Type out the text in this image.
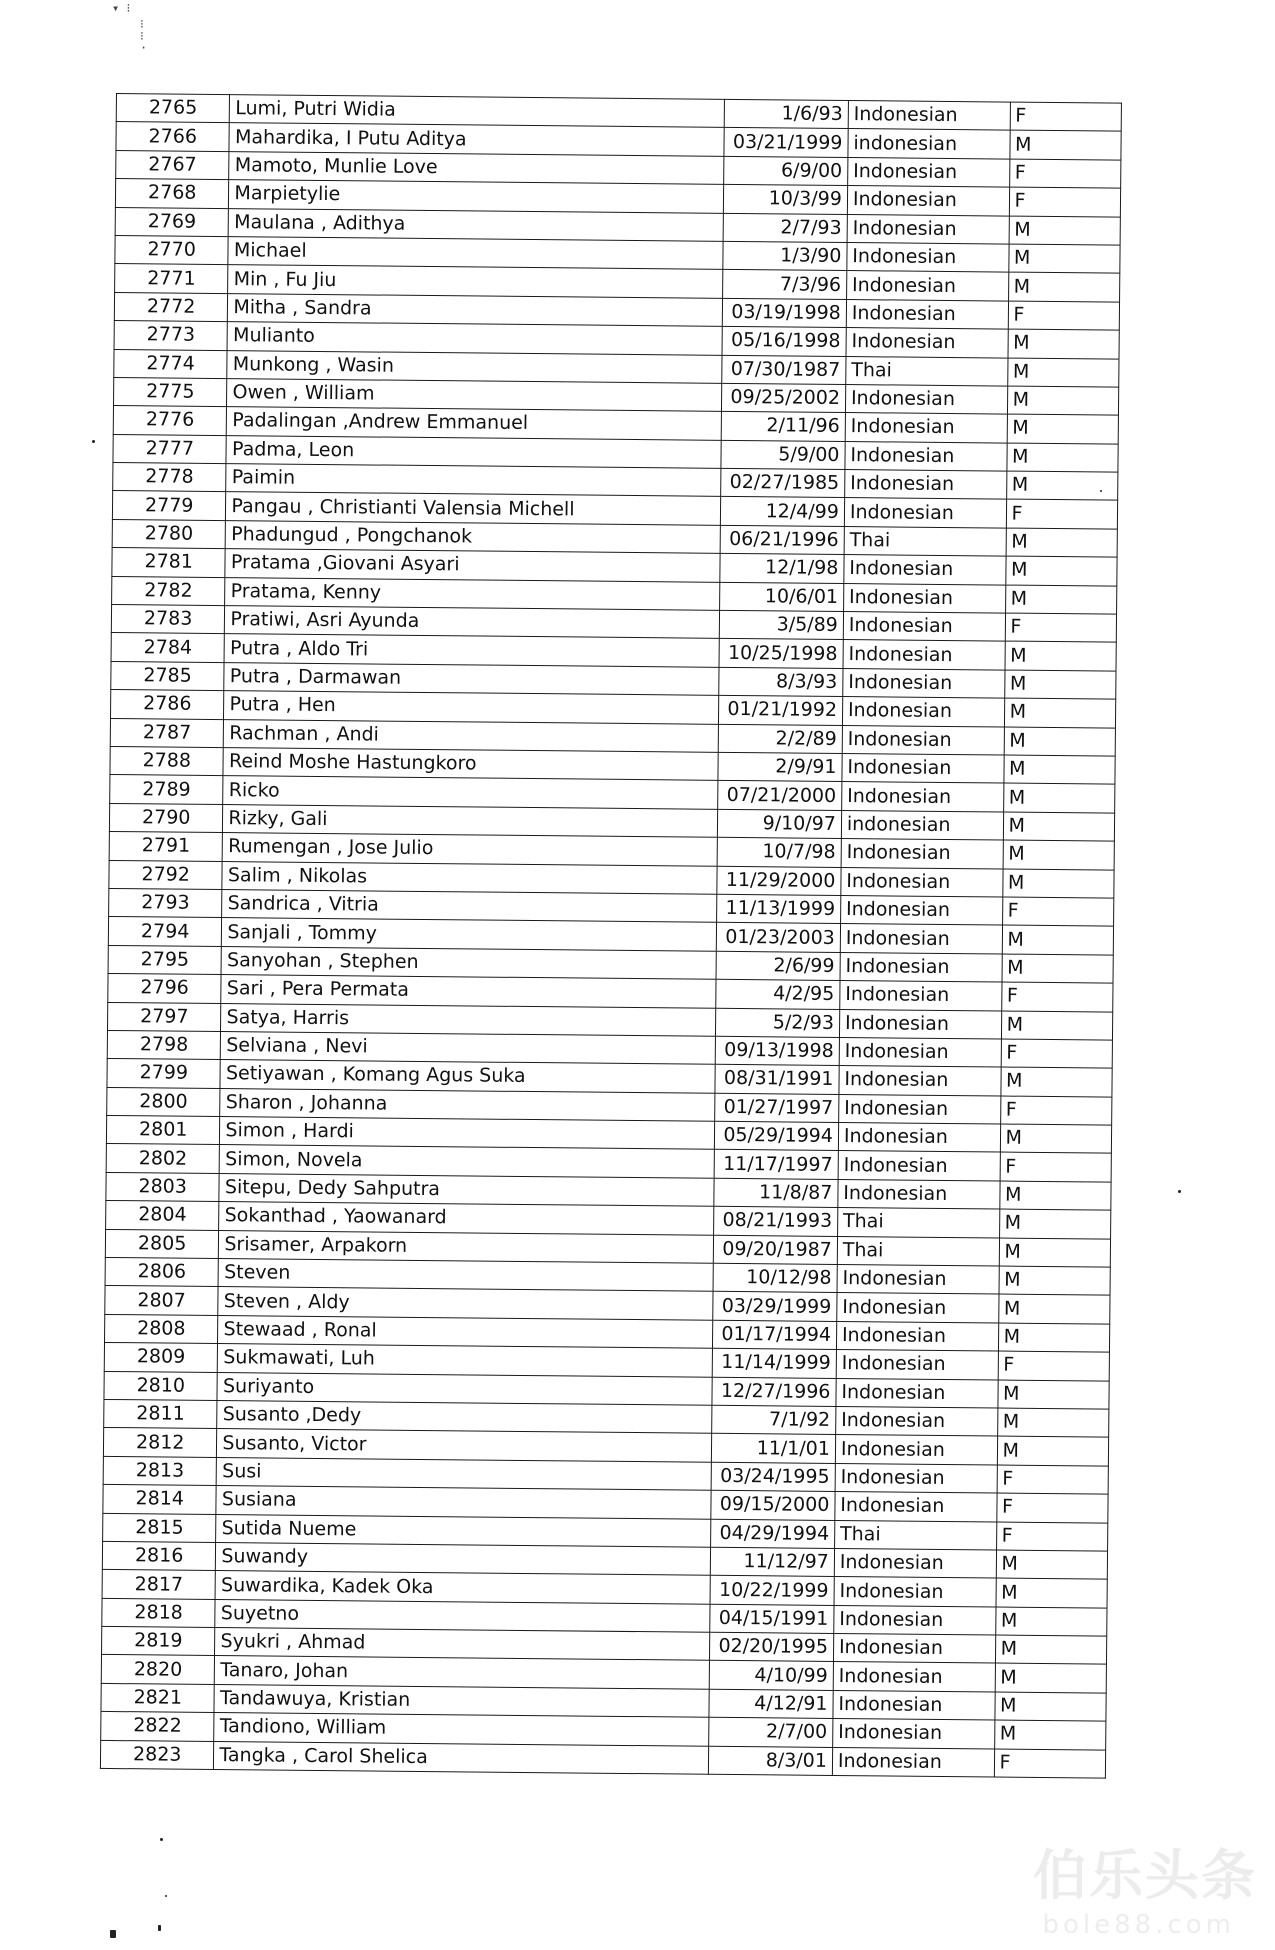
▾ ⁝
⁝
⁝
·
2765	Lumi, Putri Widia	1/6/93	Indonesian	F
2766	Mahardika, I Putu Aditya	03/21/1999	indonesian	M
2767	Mamoto, Munlie Love	6/9/00	Indonesian	F
2768	Marpietylie	10/3/99	Indonesian	F
2769	Maulana , Adithya	2/7/93	Indonesian	M
2770	Michael	1/3/90	Indonesian	M
2771	Min , Fu Jiu	7/3/96	Indonesian	M
2772	Mitha , Sandra	03/19/1998	Indonesian	F
2773	Mulianto	05/16/1998	Indonesian	M
2774	Munkong , Wasin	07/30/1987	Thai	M
2775	Owen , William	09/25/2002	Indonesian	M
2776	Padalingan ,Andrew Emmanuel	2/11/96	Indonesian	M
2777	Padma, Leon	5/9/00	Indonesian	M
2778	Paimin	02/27/1985	Indonesian	M
2779	Pangau , Christianti Valensia Michell	12/4/99	Indonesian	F
2780	Phadungud , Pongchanok	06/21/1996	Thai	M
2781	Pratama ,Giovani Asyari	12/1/98	Indonesian	M
2782	Pratama, Kenny	10/6/01	Indonesian	M
2783	Pratiwi, Asri Ayunda	3/5/89	Indonesian	F
2784	Putra , Aldo Tri	10/25/1998	Indonesian	M
2785	Putra , Darmawan	8/3/93	Indonesian	M
2786	Putra , Hen	01/21/1992	Indonesian	M
2787	Rachman , Andi	2/2/89	Indonesian	M
2788	Reind Moshe Hastungkoro	2/9/91	Indonesian	M
2789	Ricko	07/21/2000	Indonesian	M
2790	Rizky, Gali	9/10/97	indonesian	M
2791	Rumengan , Jose Julio	10/7/98	Indonesian	M
2792	Salim , Nikolas	11/29/2000	Indonesian	M
2793	Sandrica , Vitria	11/13/1999	Indonesian	F
2794	Sanjali , Tommy	01/23/2003	Indonesian	M
2795	Sanyohan , Stephen	2/6/99	Indonesian	M
2796	Sari , Pera Permata	4/2/95	Indonesian	F
2797	Satya, Harris	5/2/93	Indonesian	M
2798	Selviana , Nevi	09/13/1998	Indonesian	F
2799	Setiyawan , Komang Agus Suka	08/31/1991	Indonesian	M
2800	Sharon , Johanna	01/27/1997	Indonesian	F
2801	Simon , Hardi	05/29/1994	Indonesian	M
2802	Simon, Novela	11/17/1997	Indonesian	F
2803	Sitepu, Dedy Sahputra	11/8/87	Indonesian	M
2804	Sokanthad , Yaowanard	08/21/1993	Thai	M
2805	Srisamer, Arpakorn	09/20/1987	Thai	M
2806	Steven	10/12/98	Indonesian	M
2807	Steven , Aldy	03/29/1999	Indonesian	M
2808	Stewaad , Ronal	01/17/1994	Indonesian	M
2809	Sukmawati, Luh	11/14/1999	Indonesian	F
2810	Suriyanto	12/27/1996	Indonesian	M
2811	Susanto ,Dedy	7/1/92	Indonesian	M
2812	Susanto, Victor	11/1/01	Indonesian	M
2813	Susi	03/24/1995	Indonesian	F
2814	Susiana	09/15/2000	Indonesian	F
2815	Sutida Nueme	04/29/1994	Thai	F
2816	Suwandy	11/12/97	Indonesian	M
2817	Suwardika, Kadek Oka	10/22/1999	Indonesian	M
2818	Suyetno	04/15/1991	Indonesian	M
2819	Syukri , Ahmad	02/20/1995	Indonesian	M
2820	Tanaro, Johan	4/10/99	Indonesian	M
2821	Tandawuya, Kristian	4/12/91	Indonesian	M
2822	Tandiono, William	2/7/00	Indonesian	M
2823	Tangka , Carol Shelica	8/3/01	Indonesian	F
伯乐头条
bole88.com
